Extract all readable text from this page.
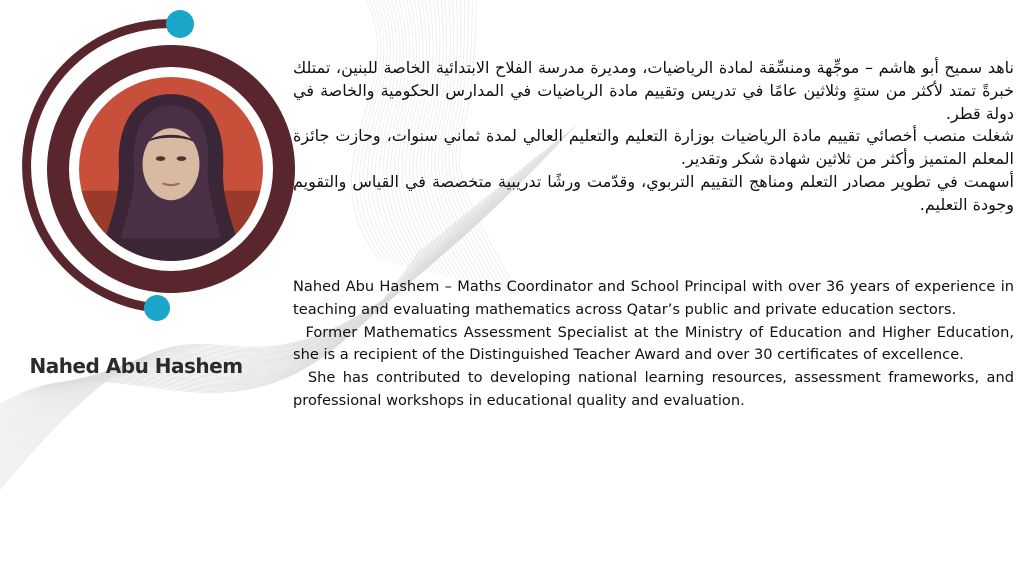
Nahed Abu Hashem

ناهد سميح أبو هاشم – موجِّهة ومنسِّقة لمادة الرياضيات، ومديرة مدرسة الفلاح الابتدائية الخاصة للبنين، تمتلك خبرةً تمتد لأكثر من ستةٍ وثلاثين عامًا في تدريس وتقييم مادة الرياضيات في المدارس الحكومية والخاصة في دولة قطر.

شغلت منصب أخصائي تقييم مادة الرياضيات بوزارة التعليم والتعليم العالي لمدة ثماني سنوات، وحازت جائزة المعلم المتميز وأكثر من ثلاثين شهادة شكر وتقدير.

أسهمت في تطوير مصادر التعلم ومناهج التقييم التربوي، وقدّمت ورشًا تدريبية متخصصة في القياس والتقويم وجودة التعليم.

Nahed Abu Hashem – Maths Coordinator and School Principal with over 36 years of experience in teaching and evaluating mathematics across Qatar’s public and private education sectors.

Former Mathematics Assessment Specialist at the Ministry of Education and Higher Education, she is a recipient of the Distinguished Teacher Award and over 30 certificates of excellence.

She has contributed to developing national learning resources, assessment frameworks, and professional workshops in educational quality and evaluation.
